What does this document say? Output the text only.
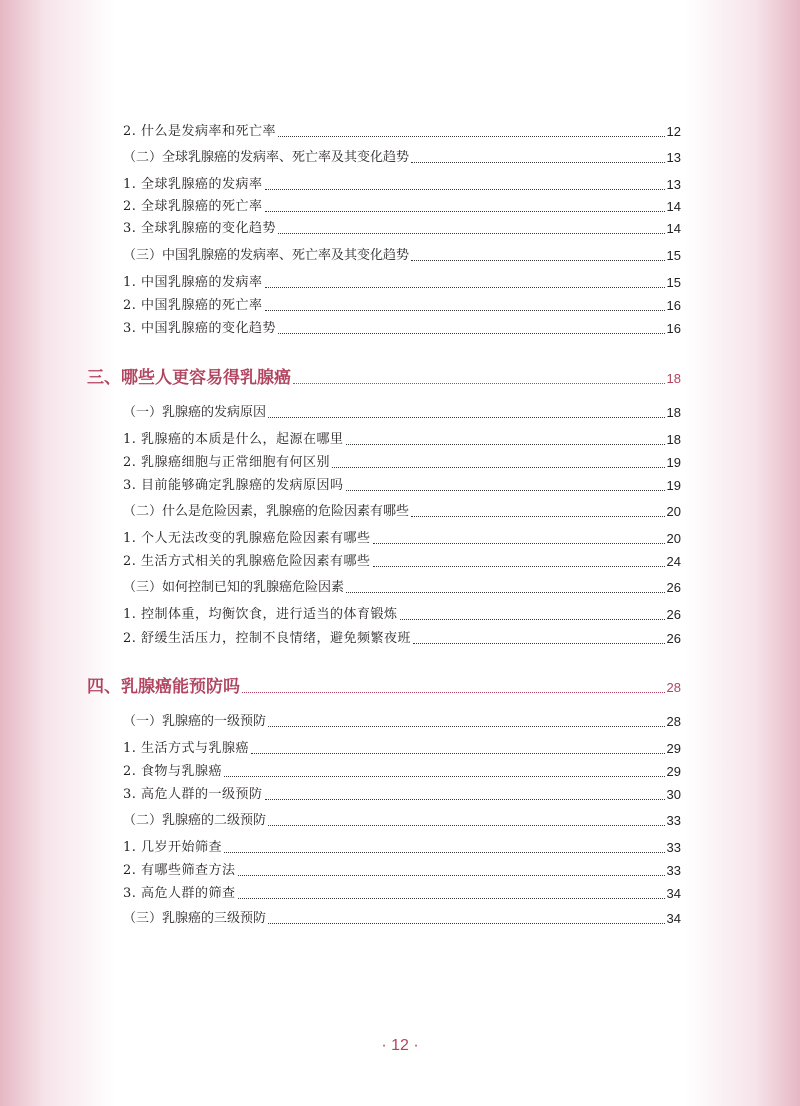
2. 什么是发病率和死亡率	12
（二）全球乳腺癌的发病率、死亡率及其变化趋势	13
1. 全球乳腺癌的发病率	13
2. 全球乳腺癌的死亡率	14
3. 全球乳腺癌的变化趋势	14
（三）中国乳腺癌的发病率、死亡率及其变化趋势	15
1. 中国乳腺癌的发病率	15
2. 中国乳腺癌的死亡率	16
3. 中国乳腺癌的变化趋势	16
三、哪些人更容易得乳腺癌	18
（一）乳腺癌的发病原因	18
1. 乳腺癌的本质是什么，起源在哪里	18
2. 乳腺癌细胞与正常细胞有何区别	19
3. 目前能够确定乳腺癌的发病原因吗	19
（二）什么是危险因素，乳腺癌的危险因素有哪些	20
1. 个人无法改变的乳腺癌危险因素有哪些	20
2. 生活方式相关的乳腺癌危险因素有哪些	24
（三）如何控制已知的乳腺癌危险因素	26
1. 控制体重，均衡饮食，进行适当的体育锻炼	26
2. 舒缓生活压力，控制不良情绪，避免频繁夜班	26
四、乳腺癌能预防吗	28
（一）乳腺癌的一级预防	28
1. 生活方式与乳腺癌	29
2. 食物与乳腺癌	29
3. 高危人群的一级预防	30
（二）乳腺癌的二级预防	33
1. 几岁开始筛查	33
2. 有哪些筛查方法	33
3. 高危人群的筛查	34
（三）乳腺癌的三级预防	34
· 12 ·
